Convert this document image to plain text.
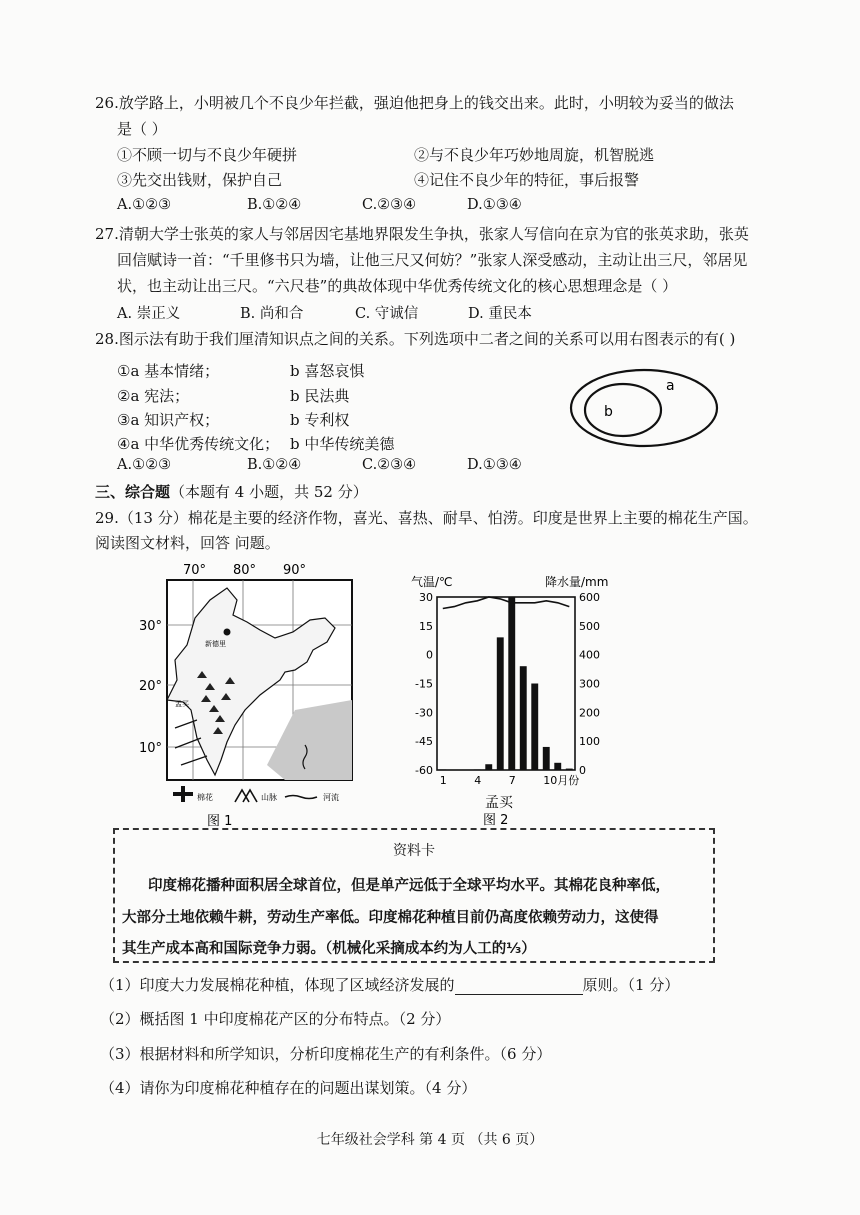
26.放学路上，小明被几个不良少年拦截，强迫他把身上的钱交出来。此时，小明较为妥当的做法
是（ ）
①不顾一切与不良少年硬拼	②与不良少年巧妙地周旋，机智脱逃
③先交出钱财，保护自己	④记住不良少年的特征，事后报警
A.①②③	B.①②④	C.②③④	D.①③④
27.清朝大学士张英的家人与邻居因宅基地界限发生争执，张家人写信向在京为官的张英求助，张英
回信赋诗一首：“千里修书只为墙，让他三尺又何妨？”张家人深受感动，主动让出三尺，邻居见
状，也主动让出三尺。“六尺巷”的典故体现中华优秀传统文化的核心思想理念是（ ）
A. 崇正义	B. 尚和合	C. 守诚信	D. 重民本
28.图示法有助于我们厘清知识点之间的关系。下列选项中二者之间的关系可以用右图表示的有( )
①a 基本情绪；	b 喜怒哀惧
②a 宪法；	b 民法典
③a 知识产权；	b 专利权
④a 中华优秀传统文化； b 中华传统美德
A.①②③	B.①②④	C.②③④	D.①③④
a
b
三、综合题（本题有 4 小题，共 52 分）
29.（13 分）棉花是主要的经济作物，喜光、喜热、耐旱、怕涝。印度是世界上主要的棉花生产国。
阅读图文材料，回答 问题。
70° 80° 90°
30°
20°
10°
新德里
孟买
棉花	山脉	河流
图 1
气温/℃	降水量/mm
30
15
0
-15
-30
-45
-60
600
500
400
300
200
100
0
1	4	7	10月份
孟买
图 2
资料卡
印度棉花播种面积居全球首位，但是单产远低于全球平均水平。其棉花良种率低，
大部分土地依赖牛耕，劳动生产率低。印度棉花种植目前仍高度依赖劳动力，这使得
其生产成本高和国际竞争力弱。（机械化采摘成本约为人工的⅓）
（1）印度大力发展棉花种植，体现了区域经济发展的	原则。（1 分）
（2）概括图 1 中印度棉花产区的分布特点。（2 分）
（3）根据材料和所学知识，分析印度棉花生产的有利条件。（6 分）
（4）请你为印度棉花种植存在的问题出谋划策。（4 分）
七年级社会学科 第 4 页 （共 6 页）
